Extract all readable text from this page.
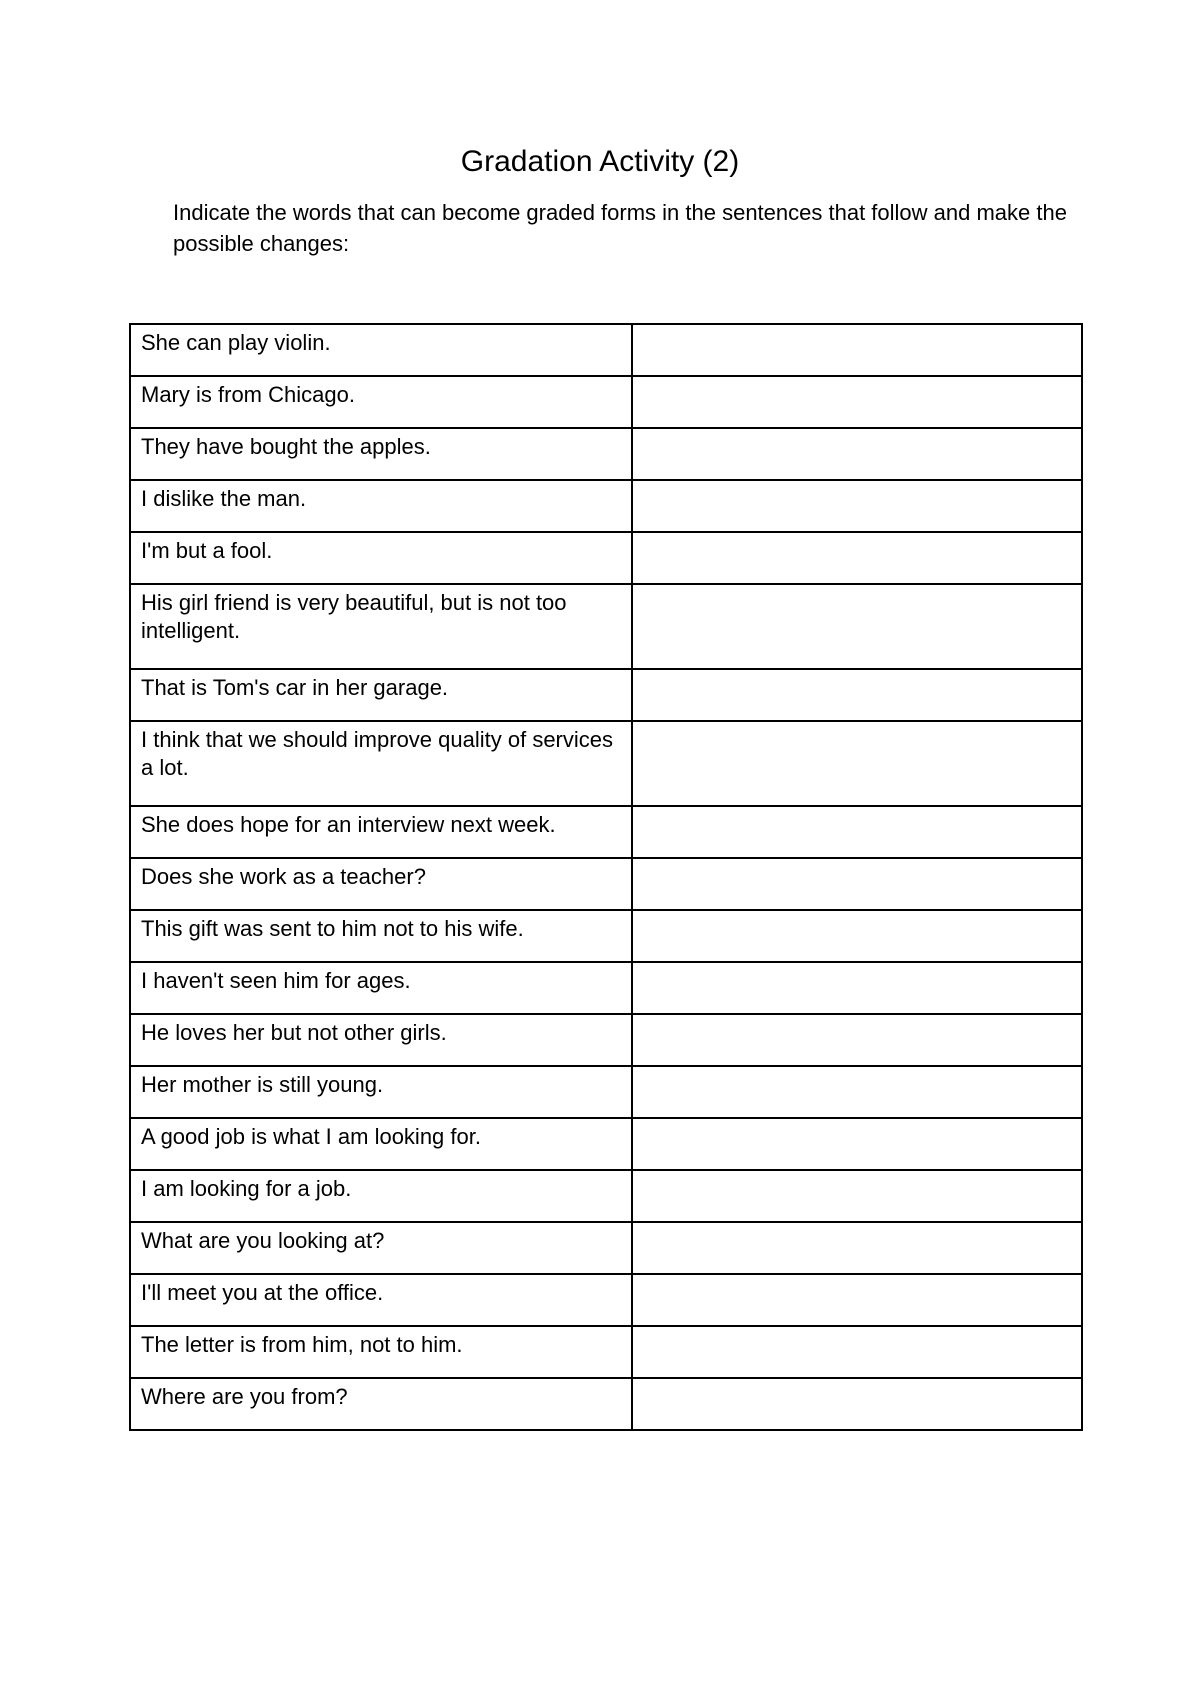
Gradation Activity (2)

Indicate the words that can become graded forms in the sentences that follow and make the possible changes:

She can play violin.	
Mary is from Chicago.	
They have bought the apples.	
I dislike the man.	
I'm but a fool.	
His girl friend is very beautiful, but is not too intelligent.	
That is Tom's car in her garage.	
I think that we should improve quality of services a lot.	
She does hope for an interview next week.	
Does she work as a teacher?	
This gift was sent to him not to his wife.	
I haven't seen him for ages.	
He loves her but not other girls.	
Her mother is still young.	
A good job is what I am looking for.	
I am looking for a job.	
What are you looking at?	
I'll meet you at the office.	
The letter is from him, not to him.	
Where are you from?	
